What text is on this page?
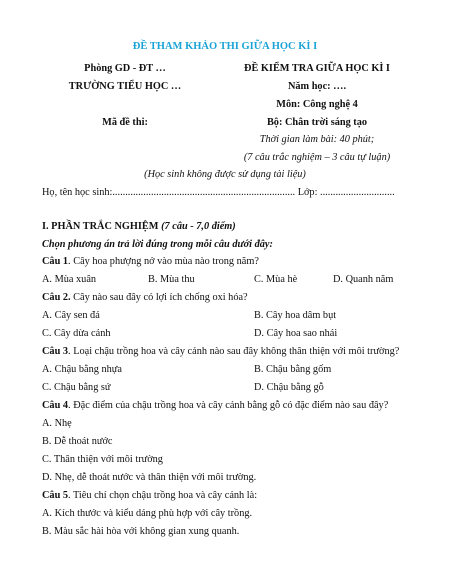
ĐỀ THAM KHẢO THI GIỮA HỌC KÌ I
Phòng GD - ĐT …
TRƯỜNG TIỂU HỌC …
Mã đề thi:
ĐỀ KIỂM TRA GIỮA HỌC KÌ I
Năm học: ….
Môn: Công nghệ 4
Bộ: Chân trời sáng tạo
Thời gian làm bài: 40 phút;
(7 câu trắc nghiệm – 3 câu tự luận)
(Học sinh không được sử dụng tài liệu)
Họ, tên học sinh:....................................................................... Lớp: .............................
I. PHẦN TRẮC NGHIỆM (7 câu - 7,0 điểm)
Chọn phương án trả lời đúng trong mỗi câu dưới đây:
Câu 1. Cây hoa phượng nở vào mùa nào trong năm?
A. Mùa xuân	B. Mùa thu	C. Mùa hè	D. Quanh năm
Câu 2. Cây nào sau đây có lợi ích chống oxi hóa?
A. Cây sen đá	B. Cây hoa dâm bụt
C. Cây dừa cảnh	D. Cây hoa sao nhái
Câu 3. Loại chậu trồng hoa và cây cảnh nào sau đây không thân thiện với môi trường?
A. Chậu bằng nhựa	B. Chậu bằng gốm
C. Chậu bằng sứ	D. Chậu bằng gỗ
Câu 4. Đặc điểm của chậu trồng hoa và cây cảnh bằng gỗ có đặc điểm nào sau đây?
A. Nhẹ
B. Dễ thoát nước
C. Thân thiện với môi trường
D. Nhẹ, dễ thoát nước và thân thiện với môi trường.
Câu 5. Tiêu chí chọn chậu trồng hoa và cây cảnh là:
A. Kích thước và kiểu dáng phù hợp với cây trồng.
B. Màu sắc hài hòa với không gian xung quanh.
